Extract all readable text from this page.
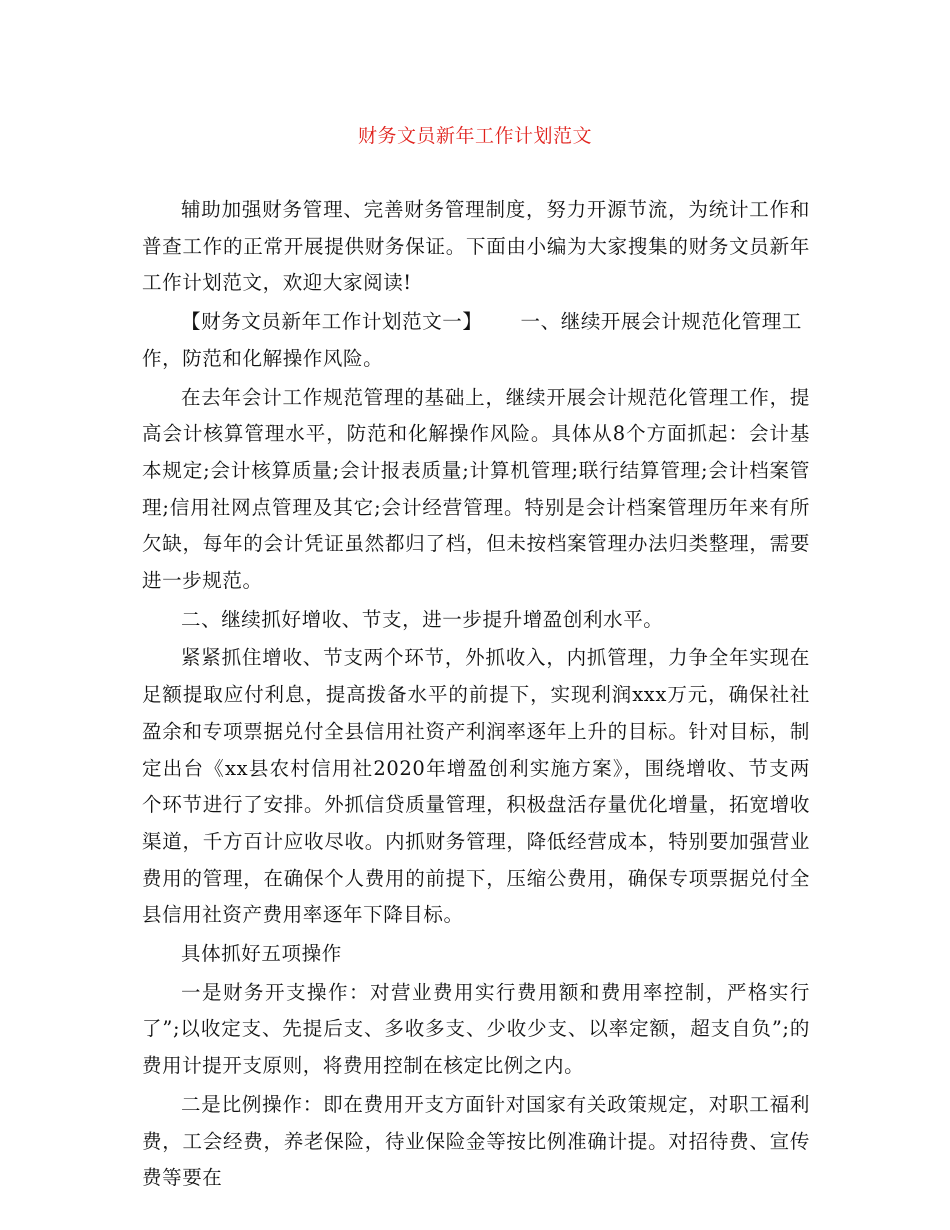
财务文员新年工作计划范文

辅助加强财务管理、完善财务管理制度，努力开源节流，为统计工作和普查工作的正常开展提供财务保证。下面由小编为大家搜集的财务文员新年工作计划范文，欢迎大家阅读!

【财务文员新年工作计划范文一】 一、继续开展会计规范化管理工作，防范和化解操作风险。

在去年会计工作规范管理的基础上，继续开展会计规范化管理工作，提高会计核算管理水平，防范和化解操作风险。具体从8个方面抓起：会计基本规定;会计核算质量;会计报表质量;计算机管理;联行结算管理;会计档案管理;信用社网点管理及其它;会计经营管理。特别是会计档案管理历年来有所欠缺，每年的会计凭证虽然都归了档，但未按档案管理办法归类整理，需要进一步规范。

二、继续抓好增收、节支，进一步提升增盈创利水平。

紧紧抓住增收、节支两个环节，外抓收入，内抓管理，力争全年实现在足额提取应付利息，提高拨备水平的前提下，实现利润xxx万元，确保社社盈余和专项票据兑付全县信用社资产利润率逐年上升的目标。针对目标，制定出台《xx县农村信用社2020年增盈创利实施方案》，围绕增收、节支两个环节进行了安排。外抓信贷质量管理，积极盘活存量优化增量，拓宽增收渠道，千方百计应收尽收。内抓财务管理，降低经营成本，特别要加强营业费用的管理，在确保个人费用的前提下，压缩公费用，确保专项票据兑付全县信用社资产费用率逐年下降目标。

具体抓好五项操作

一是财务开支操作：对营业费用实行费用额和费用率控制，严格实行了”;以收定支、先提后支、多收多支、少收少支、以率定额，超支自负”;的费用计提开支原则，将费用控制在核定比例之内。

二是比例操作：即在费用开支方面针对国家有关政策规定，对职工福利费，工会经费，养老保险，待业保险金等按比例准确计提。对招待费、宣传费等要在
